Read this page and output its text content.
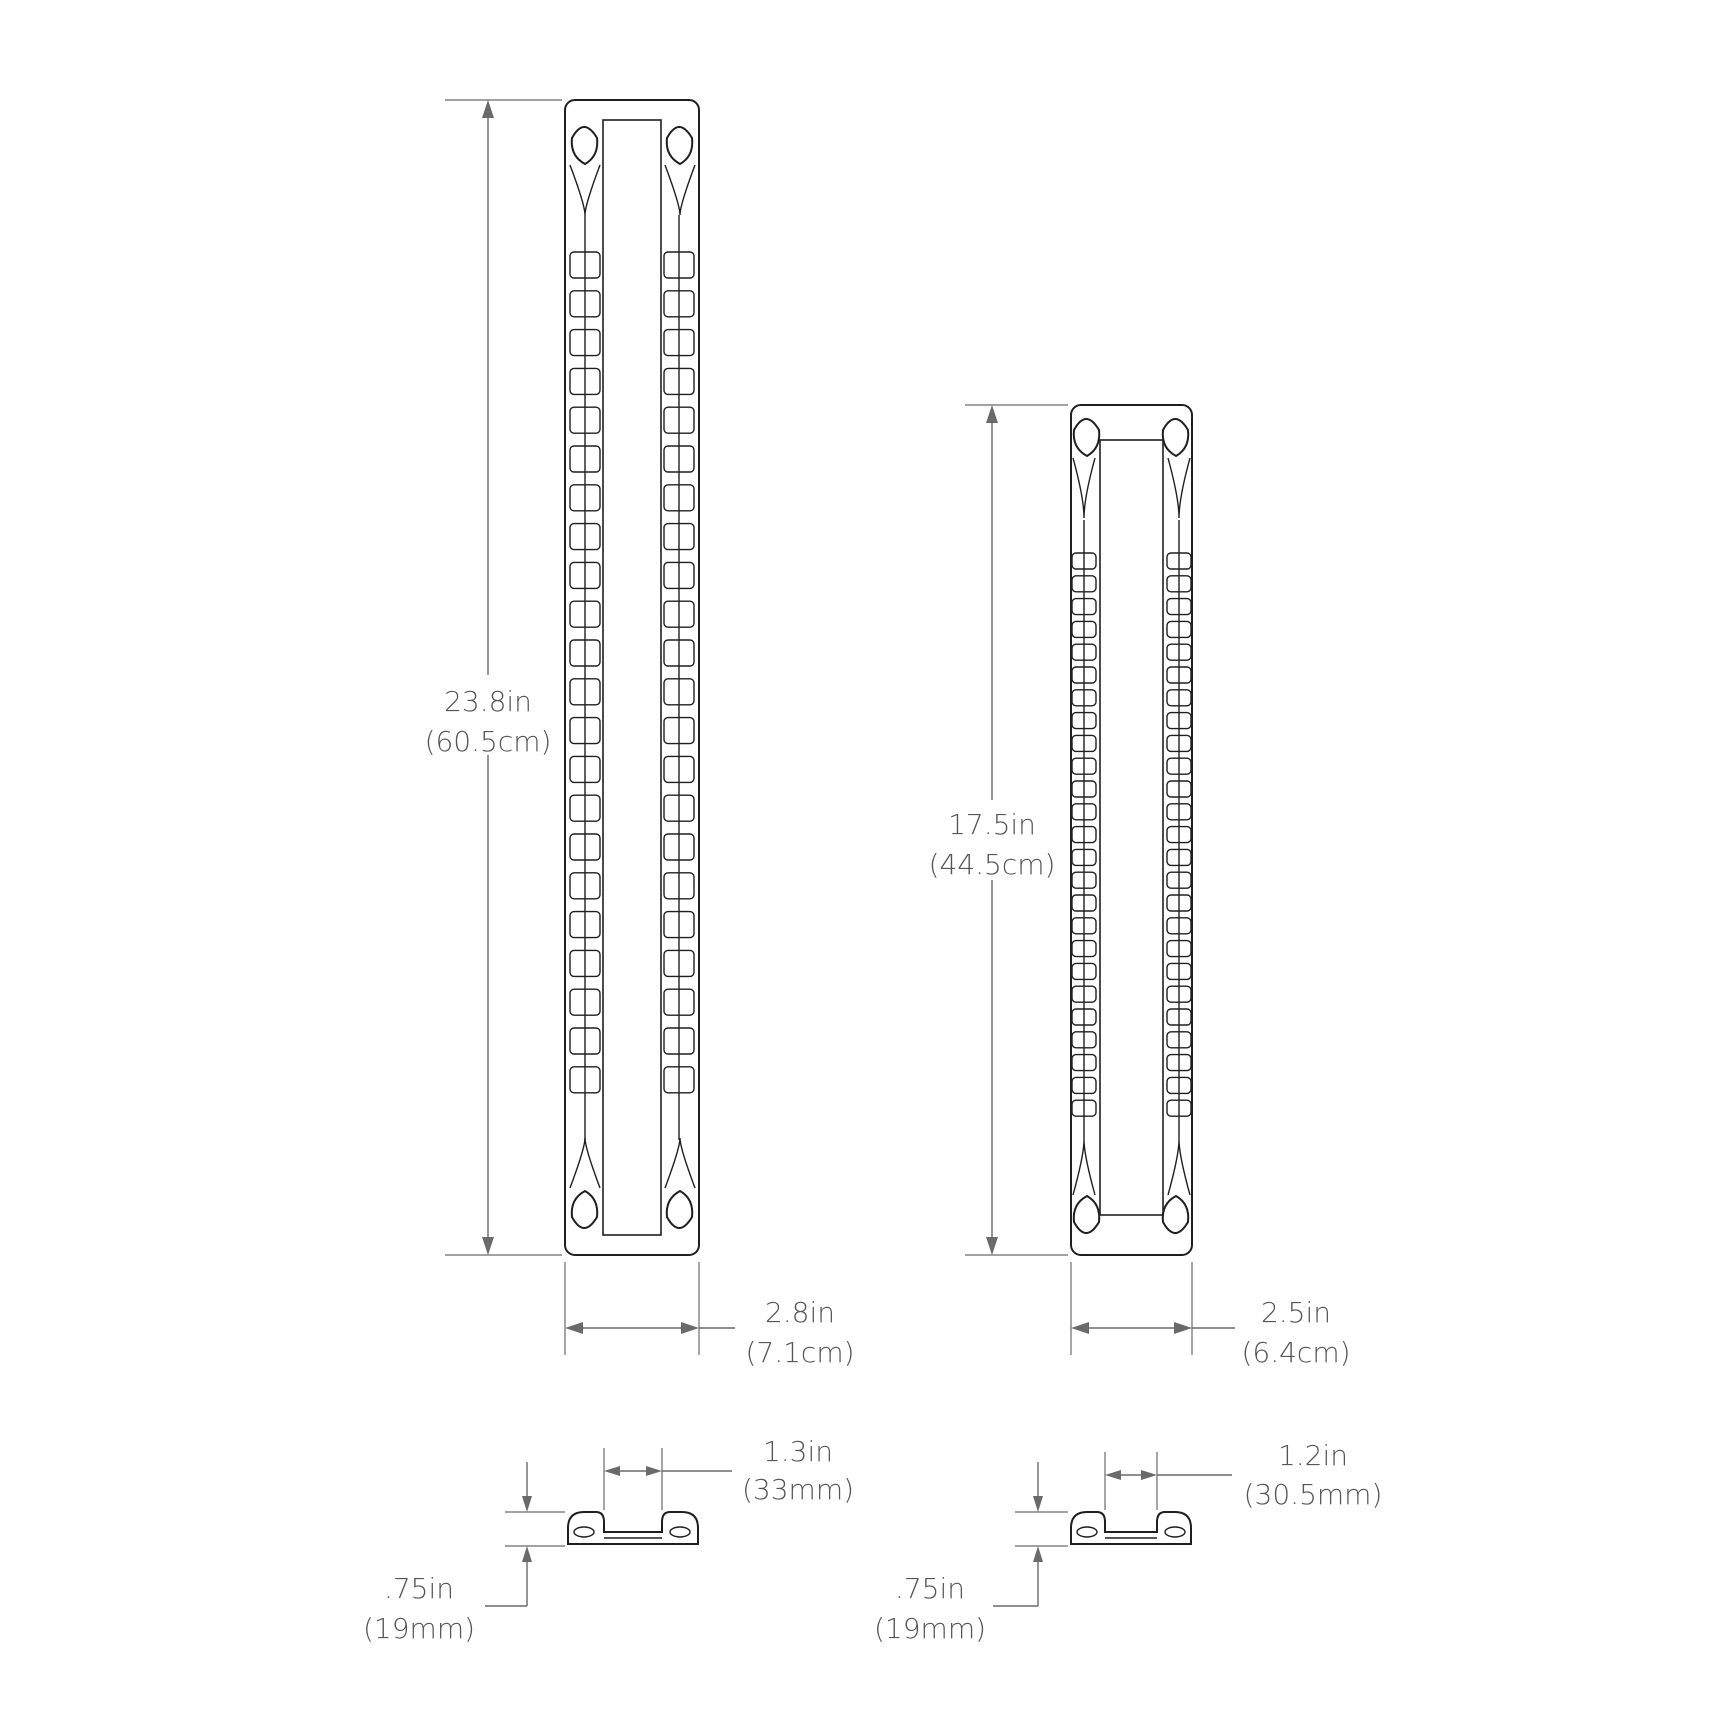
23.8in
(60.5cm)
2.8in
(7.1cm)
17.5in
(44.5cm)
2.5in
(6.4cm)
1.3in
(33mm)
.75in
(19mm)
1.2in
(30.5mm)
.75in
(19mm)
